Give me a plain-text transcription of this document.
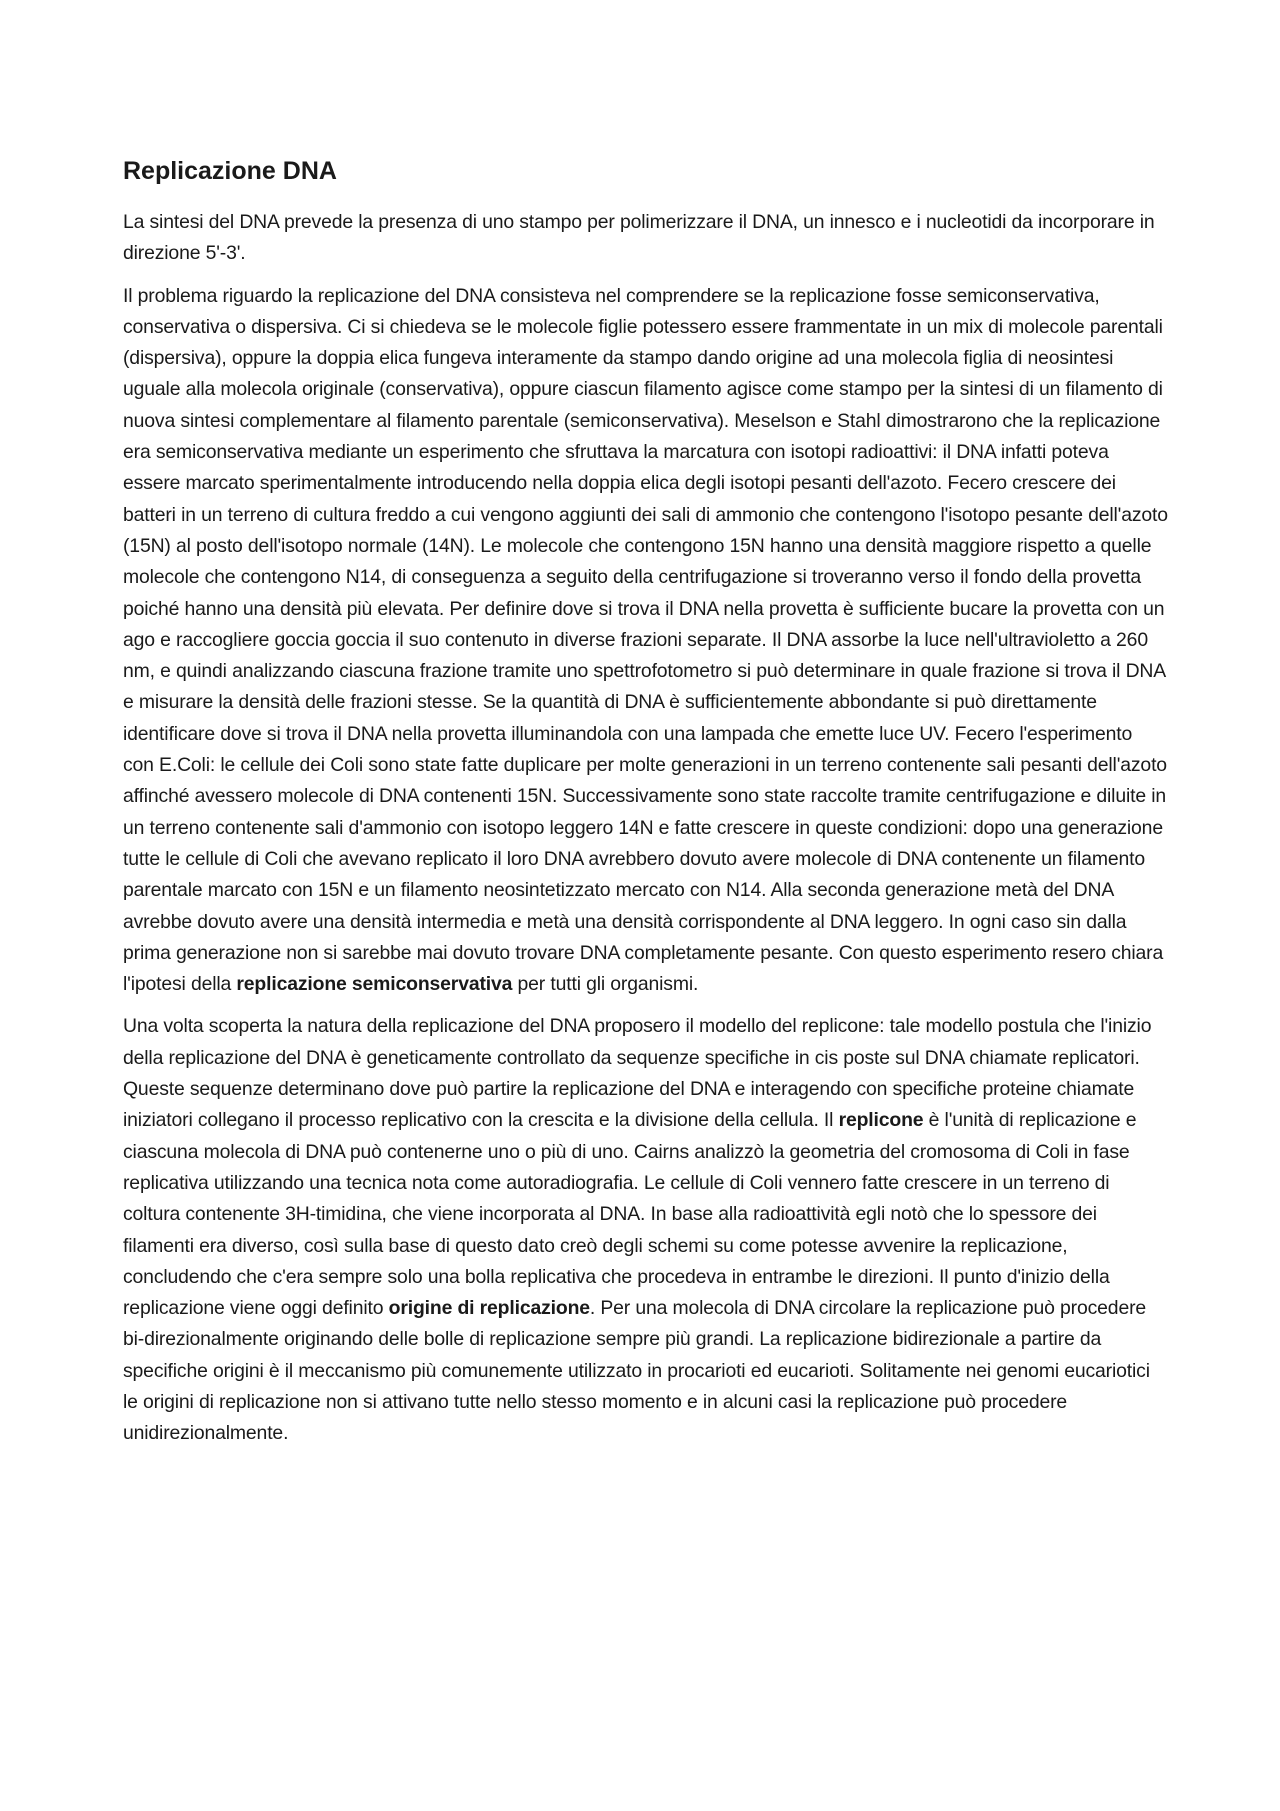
Replicazione DNA

La sintesi del DNA prevede la presenza di uno stampo per polimerizzare il DNA, un innesco e i nucleotidi da incorporare in direzione 5'-3'.

Il problema riguardo la replicazione del DNA consisteva nel comprendere se la replicazione fosse semiconservativa, conservativa o dispersiva. Ci si chiedeva se le molecole figlie potessero essere frammentate in un mix di molecole parentali (dispersiva), oppure la doppia elica fungeva interamente da stampo dando origine ad una molecola figlia di neosintesi uguale alla molecola originale (conservativa), oppure ciascun filamento agisce come stampo per la sintesi di un filamento di nuova sintesi complementare al filamento parentale (semiconservativa). Meselson e Stahl dimostrarono che la replicazione era semiconservativa mediante un esperimento che sfruttava la marcatura con isotopi radioattivi: il DNA infatti poteva essere marcato sperimentalmente introducendo nella doppia elica degli isotopi pesanti dell'azoto. Fecero crescere dei batteri in un terreno di cultura freddo a cui vengono aggiunti dei sali di ammonio che contengono l'isotopo pesante dell'azoto (15N) al posto dell'isotopo normale (14N). Le molecole che contengono 15N hanno una densità maggiore rispetto a quelle molecole che contengono N14, di conseguenza a seguito della centrifugazione si troveranno verso il fondo della provetta poiché hanno una densità più elevata. Per definire dove si trova il DNA nella provetta è sufficiente bucare la provetta con un ago e raccogliere goccia goccia il suo contenuto in diverse frazioni separate. Il DNA assorbe la luce nell'ultravioletto a 260 nm, e quindi analizzando ciascuna frazione tramite uno spettrofotometro si può determinare in quale frazione si trova il DNA e misurare la densità delle frazioni stesse. Se la quantità di DNA è sufficientemente abbondante si può direttamente identificare dove si trova il DNA nella provetta illuminandola con una lampada che emette luce UV. Fecero l'esperimento con E.Coli: le cellule dei Coli sono state fatte duplicare per molte generazioni in un terreno contenente sali pesanti dell'azoto affinché avessero molecole di DNA contenenti 15N. Successivamente sono state raccolte tramite centrifugazione e diluite in un terreno contenente sali d'ammonio con isotopo leggero 14N e fatte crescere in queste condizioni: dopo una generazione tutte le cellule di Coli che avevano replicato il loro DNA avrebbero dovuto avere molecole di DNA contenente un filamento parentale marcato con 15N e un filamento neosintetizzato mercato con N14. Alla seconda generazione metà del DNA avrebbe dovuto avere una densità intermedia e metà una densità corrispondente al DNA leggero. In ogni caso sin dalla prima generazione non si sarebbe mai dovuto trovare DNA completamente pesante. Con questo esperimento resero chiara l'ipotesi della replicazione semiconservativa per tutti gli organismi.

Una volta scoperta la natura della replicazione del DNA proposero il modello del replicone: tale modello postula che l'inizio della replicazione del DNA è geneticamente controllato da sequenze specifiche in cis poste sul DNA chiamate replicatori. Queste sequenze determinano dove può partire la replicazione del DNA e interagendo con specifiche proteine chiamate iniziatori collegano il processo replicativo con la crescita e la divisione della cellula. Il replicone è l'unità di replicazione e ciascuna molecola di DNA può contenerne uno o più di uno. Cairns analizzò la geometria del cromosoma di Coli in fase replicativa utilizzando una tecnica nota come autoradiografia. Le cellule di Coli vennero fatte crescere in un terreno di coltura contenente 3H-timidina, che viene incorporata al DNA. In base alla radioattività egli notò che lo spessore dei filamenti era diverso, così sulla base di questo dato creò degli schemi su come potesse avvenire la replicazione, concludendo che c'era sempre solo una bolla replicativa che procedeva in entrambe le direzioni. Il punto d'inizio della replicazione viene oggi definito origine di replicazione. Per una molecola di DNA circolare la replicazione può procedere bi-direzionalmente originando delle bolle di replicazione sempre più grandi. La replicazione bidirezionale a partire da specifiche origini è il meccanismo più comunemente utilizzato in procarioti ed eucarioti. Solitamente nei genomi eucariotici le origini di replicazione non si attivano tutte nello stesso momento e in alcuni casi la replicazione può procedere unidirezionalmente.
